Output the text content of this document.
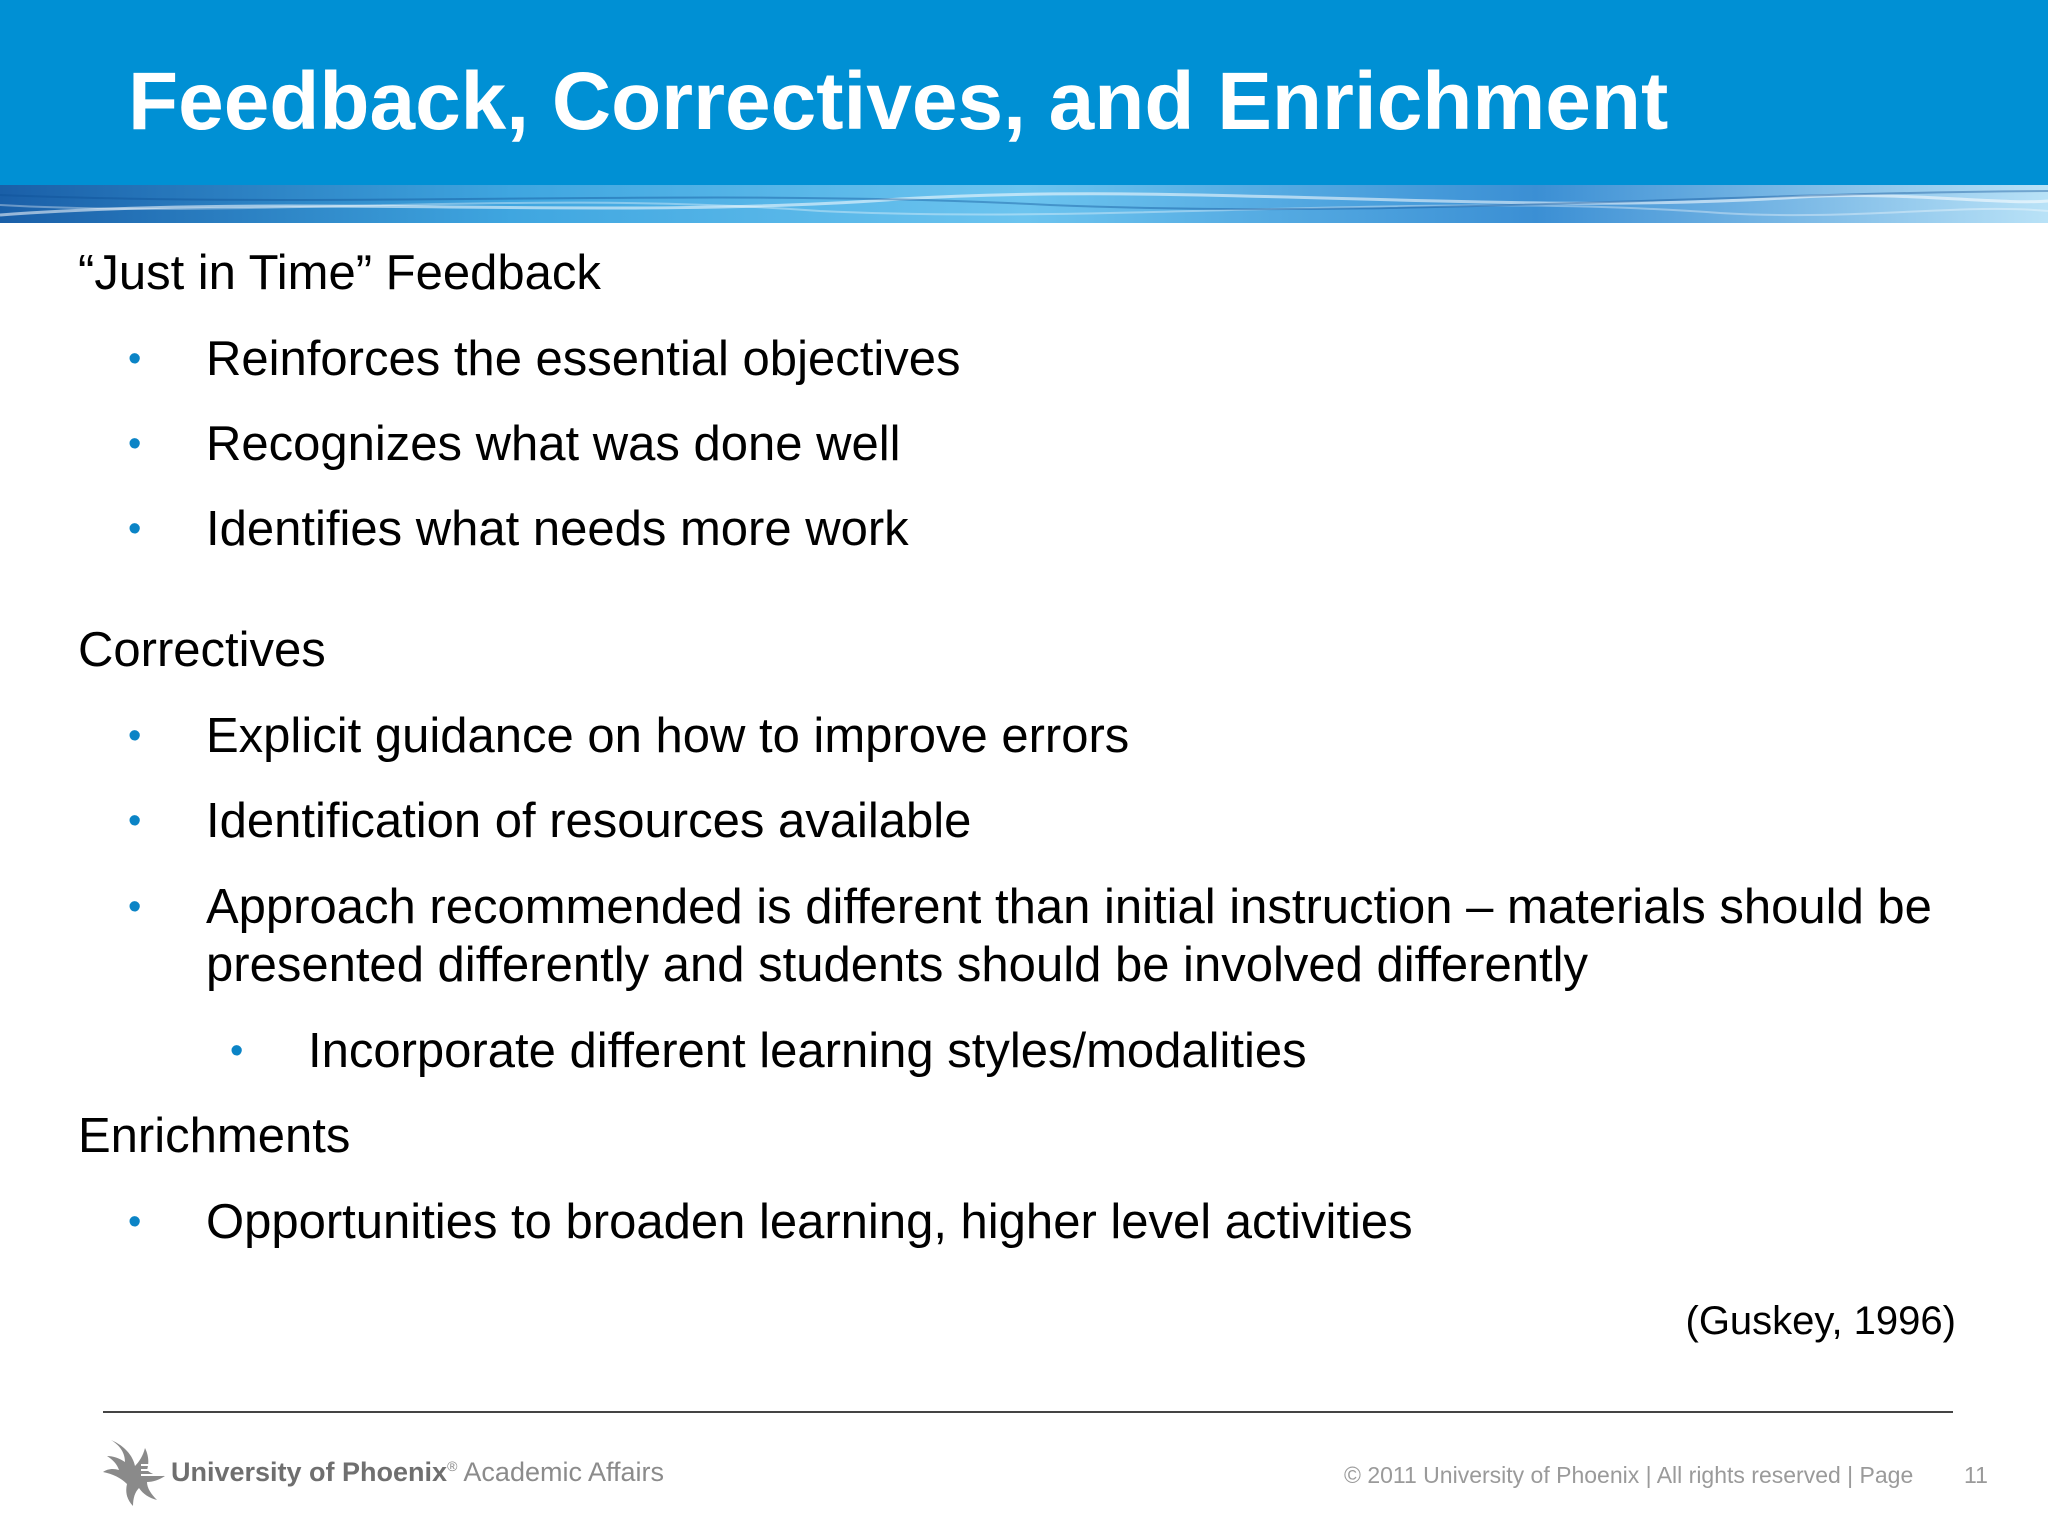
Feedback, Correctives, and Enrichment
“Just in Time” Feedback
• Reinforces the essential objectives
• Recognizes what was done well
• Identifies what needs more work
Correctives
• Explicit guidance on how to improve errors
• Identification of resources available
• Approach recommended is different than initial instruction – materials should be presented differently and students should be involved differently
• Incorporate different learning styles/modalities
Enrichments
• Opportunities to broaden learning, higher level activities
(Guskey, 1996)
University of Phoenix® Academic Affairs	© 2011 University of Phoenix | All rights reserved | Page 11
